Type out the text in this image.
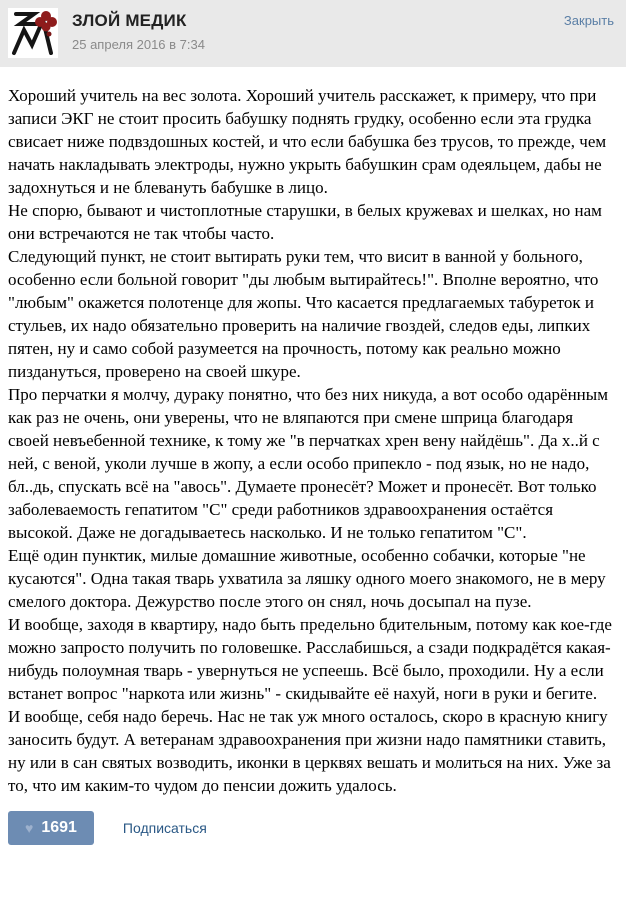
ЗЛОЙ МЕДИК
25 апреля 2016 в 7:34
Закрыть

Хороший учитель на вес золота. Хороший учитель расскажет, к примеру, что при записи ЭКГ не стоит просить бабушку поднять грудку, особенно если эта грудка свисает ниже подвздошных костей, и что если бабушка без трусов, то прежде, чем начать накладывать электроды, нужно укрыть бабушкин срам одеяльцем, дабы не задохнуться и не блевануть бабушке в лицо.

Не спорю, бывают и чистоплотные старушки, в белых кружевах и шелках, но нам они встречаются не так чтобы часто.

Следующий пункт, не стоит вытирать руки тем, что висит в ванной у больного, особенно если больной говорит "ды любым вытирайтесь!". Вполне вероятно, что "любым" окажется полотенце для жопы. Что касается предлагаемых табуреток и стульев, их надо обязательно проверить на наличие гвоздей, следов еды, липких пятен, ну и само собой разумеется на прочность, потому как реально можно пиздануться, проверено на своей шкуре.

Про перчатки я молчу, дураку понятно, что без них никуда, а вот особо одарённым как раз не очень, они уверены, что не вляпаются при смене шприца благодаря своей невъебенной технике, к тому же "в перчатках хрен вену найдёшь". Да х..й с ней, с веной, уколи лучше в жопу, а если особо припекло - под язык, но не надо, бл..дь, спускать всё на "авось". Думаете пронесёт? Может и пронесёт. Вот только заболеваемость гепатитом "С" среди работников здравоохранения остаётся высокой. Даже не догадываетесь насколько. И не только гепатитом "С".

Ещё один пунктик, милые домашние животные, особенно собачки, которые "не кусаются". Одна такая тварь ухватила за ляшку одного моего знакомого, не в меру смелого доктора. Дежурство после этого он снял, ночь досыпал на пузе.

И вообще, заходя в квартиру, надо быть предельно бдительным, потому как кое-где можно запросто получить по головешке. Расслабишься, а сзади подкрадётся какая-нибудь полоумная тварь - увернуться не успеешь. Всё было, проходили. Ну а если встанет вопрос "наркота или жизнь" - скидывайте её нахуй, ноги в руки и бегите.

И вообще, себя надо беречь. Нас не так уж много осталось, скоро в красную книгу заносить будут. А ветеранам здравоохранения при жизни надо памятники ставить, ну или в сан святых возводить, иконки в церквях вешать и молиться на них. Уже за то, что им каким-то чудом до пенсии дожить удалось.

♥ 1691	Подписаться
